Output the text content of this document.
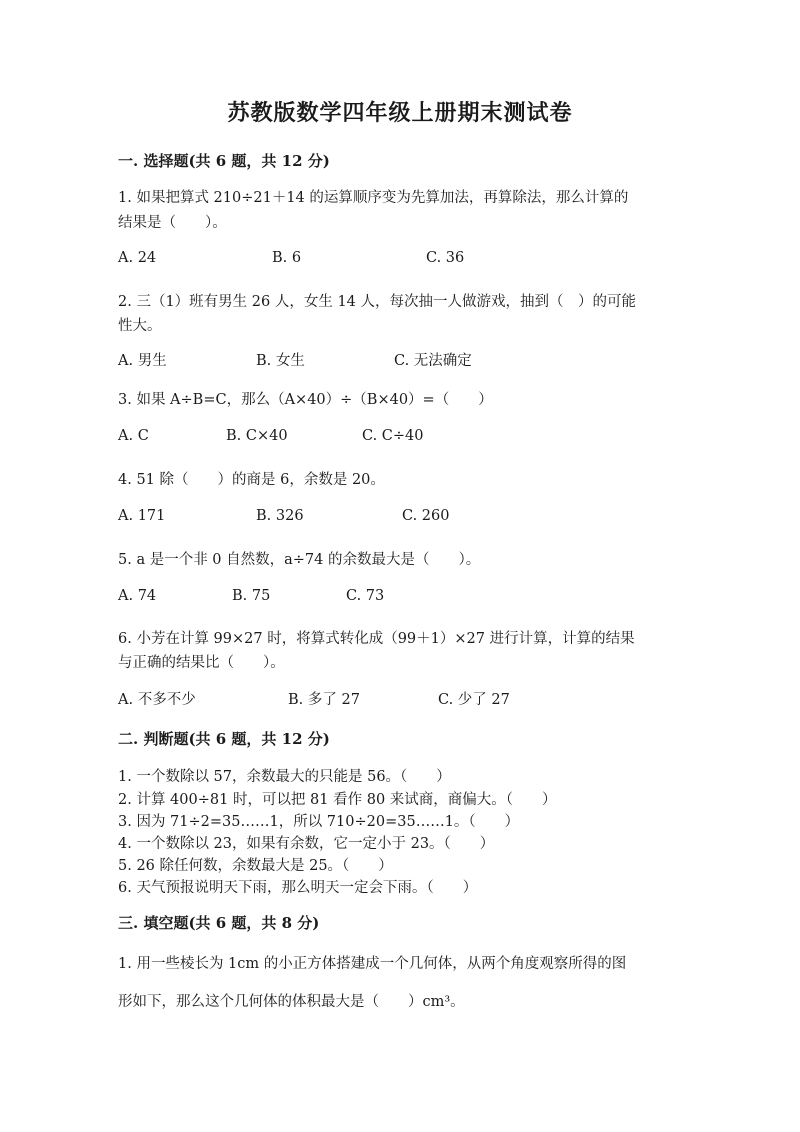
苏教版数学四年级上册期末测试卷
一. 选择题(共 6 题，共 12 分)
1. 如果把算式 210÷21＋14 的运算顺序变为先算加法，再算除法，那么计算的
结果是（　　）。
A. 24	B. 6	C. 36
2. 三（1）班有男生 26 人，女生 14 人，每次抽一人做游戏，抽到（　）的可能
性大。
A. 男生	B. 女生	C. 无法确定
3. 如果 A÷B=C，那么（A×40）÷（B×40）=（　　）
A. C	B. C×40	C. C÷40
4. 51 除（　　）的商是 6，余数是 20。
A. 171	B. 326	C. 260
5. a 是一个非 0 自然数，a÷74 的余数最大是（　　）。
A. 74	B. 75	C. 73
6. 小芳在计算 99×27 时，将算式转化成（99＋1）×27 进行计算，计算的结果
与正确的结果比（　　）。
A. 不多不少	B. 多了 27	C. 少了 27
二. 判断题(共 6 题，共 12 分)
1. 一个数除以 57，余数最大的只能是 56。（　　）
2. 计算 400÷81 时，可以把 81 看作 80 来试商，商偏大。（　　）
3. 因为 71÷2=35……1，所以 710÷20=35……1。（　　）
4. 一个数除以 23，如果有余数，它一定小于 23。（　　）
5. 26 除任何数，余数最大是 25。（　　）
6. 天气预报说明天下雨，那么明天一定会下雨。（　　）
三. 填空题(共 6 题，共 8 分)
1. 用一些棱长为 1cm 的小正方体搭建成一个几何体，从两个角度观察所得的图
形如下，那么这个几何体的体积最大是（　　）cm³。
